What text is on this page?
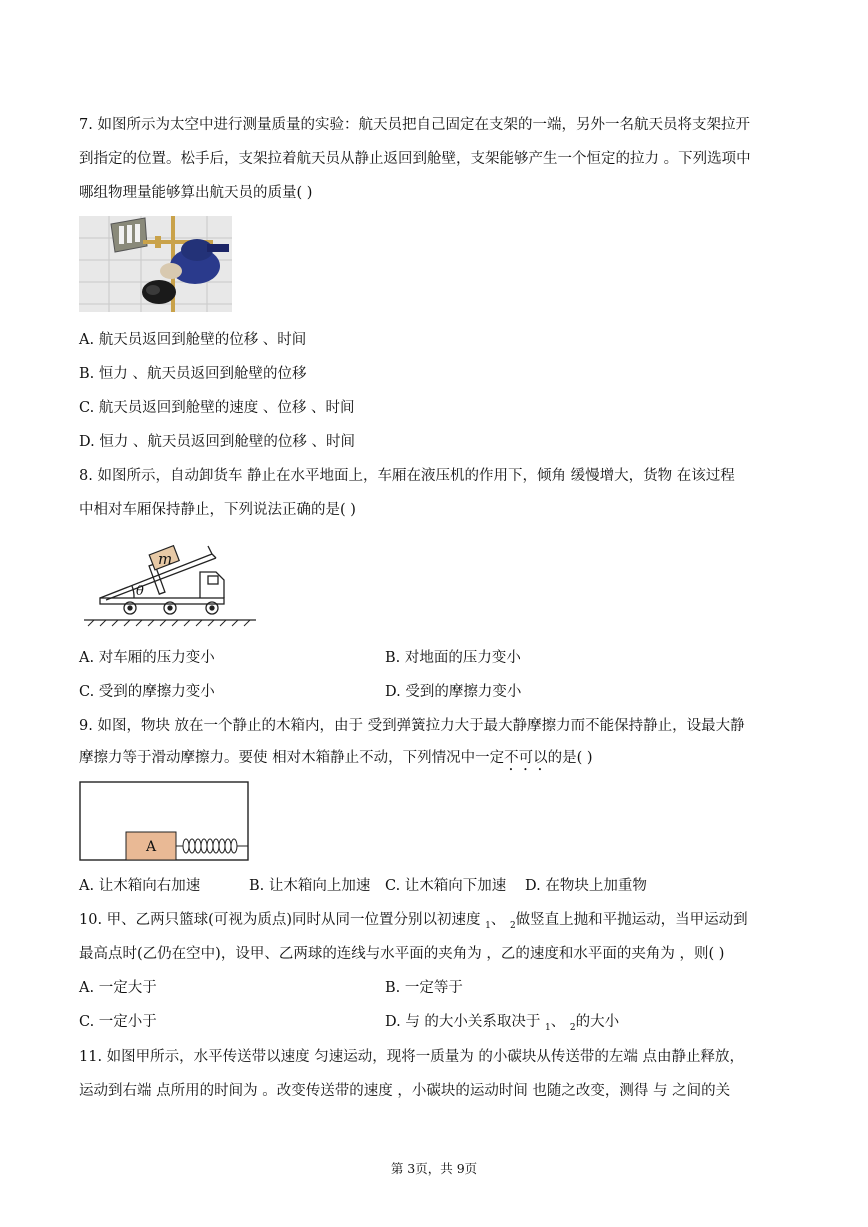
7. 如图所示为太空中进行测量质量的实验：航天员把自己固定在支架的一端，另外一名航天员将支架拉开
到指定的位置。松手后，支架拉着航天员从静止返回到舱壁，支架能够产生一个恒定的拉力 。下列选项中
哪组物理量能够算出航天员的质量( )
A. 航天员返回到舱壁的位移 、时间
B. 恒力 、航天员返回到舱壁的位移
C. 航天员返回到舱壁的速度 、位移 、时间
D. 恒力 、航天员返回到舱壁的位移 、时间
8. 如图所示，自动卸货车 静止在水平地面上，车厢在液压机的作用下，倾角 缓慢增大，货物 在该过程
中相对车厢保持静止，下列说法正确的是( )
m
θ
A. 对车厢的压力变小	B. 对地面的压力变小
C. 受到的摩擦力变小	D. 受到的摩擦力变小
9. 如图，物块 放在一个静止的木箱内，由于 受到弹簧拉力大于最大静摩擦力而不能保持静止，设最大静
摩擦力等于滑动摩擦力。要使 相对木箱静止不动，下列情况中一定不可以的是( )
A
A. 让木箱向右加速	B. 让木箱向上加速 C. 让木箱向下加速 D. 在物块上加重物
10. 甲、乙两只篮球(可视为质点)同时从同一位置分别以初速度 $_1$、 $_2$做竖直上抛和平抛运动，当甲运动到
最高点时(乙仍在空中)，设甲、乙两球的连线与水平面的夹角为 ，乙的速度和水平面的夹角为 ，则( )
A. 一定大于	B. 一定等于
C. 一定小于	D. 与 的大小关系取决于 $_1$、 $_2$的大小
11. 如图甲所示，水平传送带以速度 匀速运动，现将一质量为 的小碳块从传送带的左端 点由静止释放，
运动到右端 点所用的时间为 。改变传送带的速度 ，小碳块的运动时间 也随之改变，测得 与 之间的关
第 3页，共 9页
